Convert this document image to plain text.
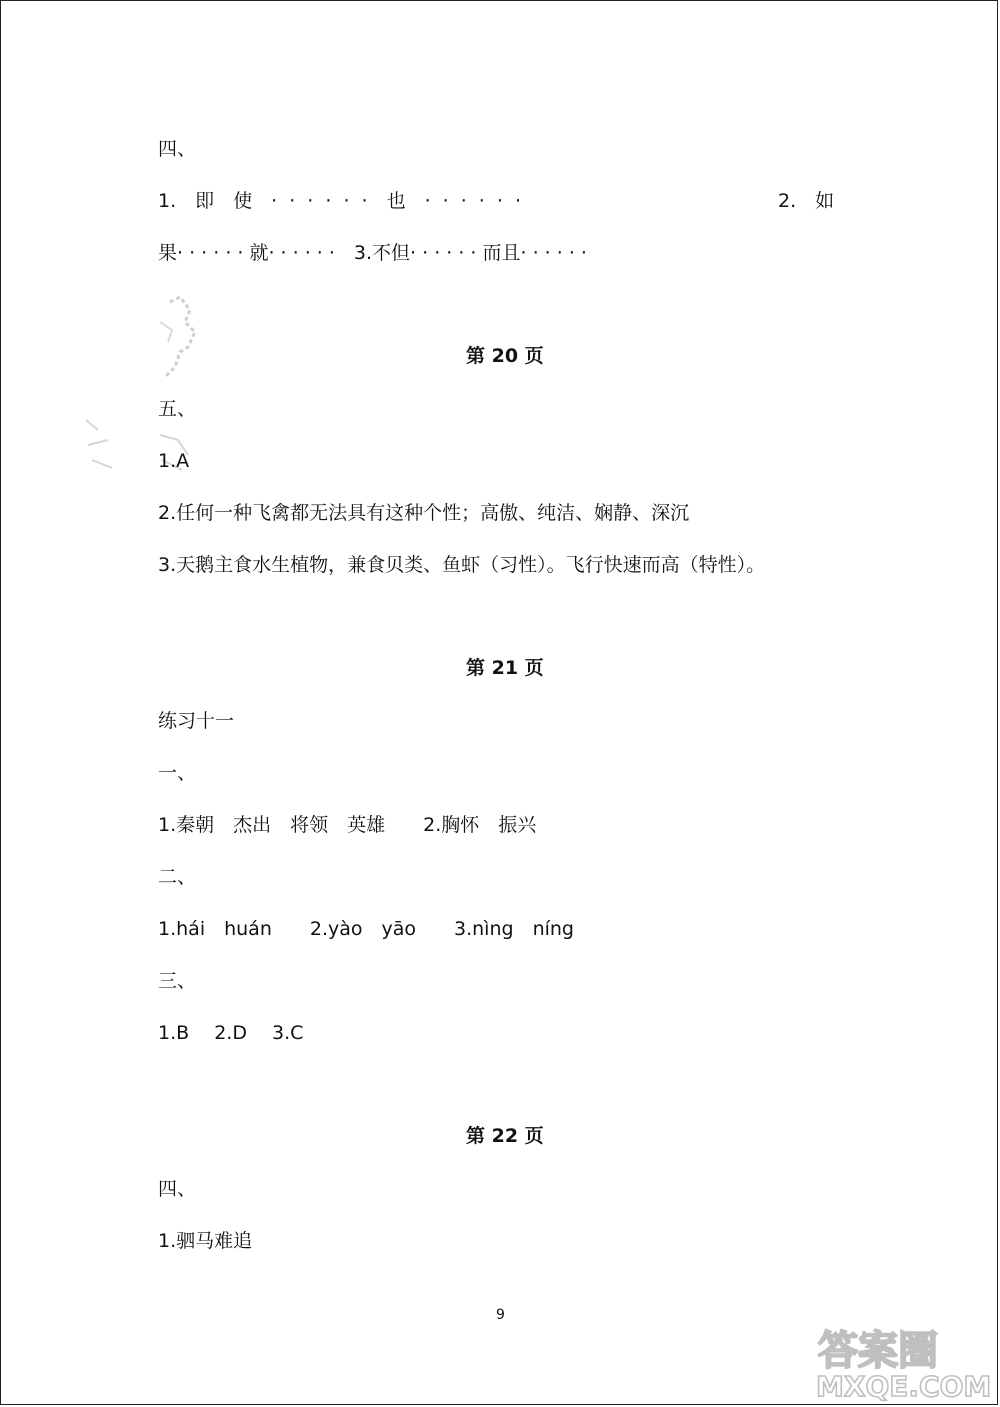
四、
1.　即　使　· · · · · ·　也　· · · · · ·	2.　如
果· · · · · · 就· · · · · ·　3.不但· · · · · · 而且· · · · · ·
第 20 页
五、
1.A
2.任何一种飞禽都无法具有这种个性；高傲、纯洁、娴静、深沉
3.天鹅主食水生植物，兼食贝类、鱼虾（习性）。飞行快速而高（特性）。
第 21 页
练习十一
一、
1.秦朝　杰出　将领　英雄　　2.胸怀　振兴
二、
1.hái　huán　　2.yào　yāo　　3.nìng　níng
三、
1.B　 2.D　 3.C
第 22 页
四、
1.驷马难追
9
答案圈
MXQE.COM
